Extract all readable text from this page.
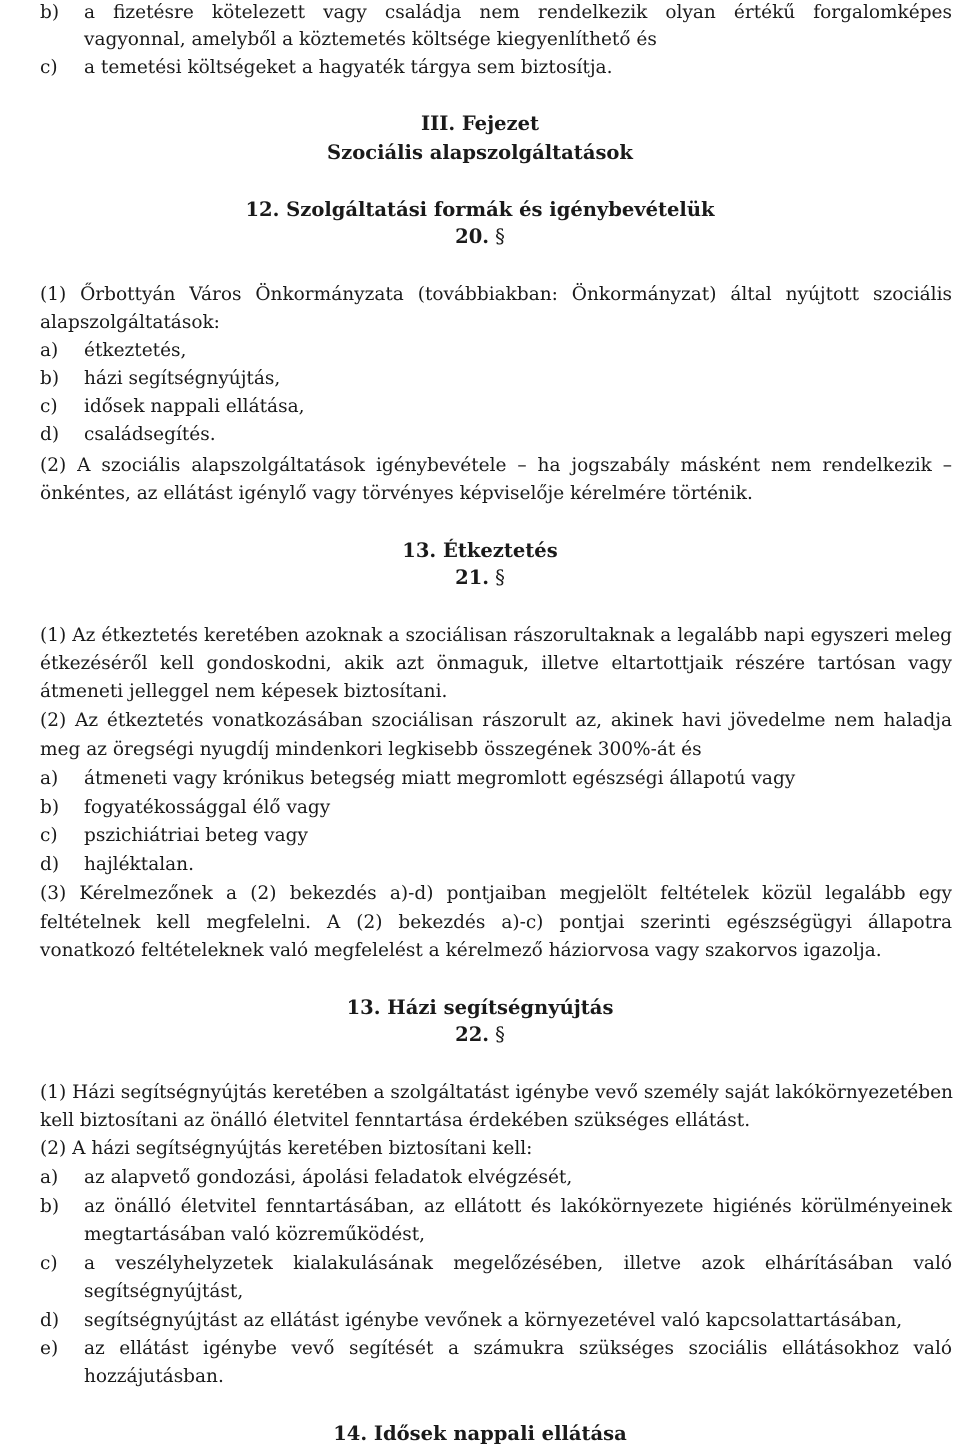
b) a fizetésre kötelezett vagy családja nem rendelkezik olyan értékű forgalomképes
vagyonnal, amelyből a köztemetés költsége kiegyenlíthető és
c) a temetési költségeket a hagyaték tárgya sem biztosítja.
III. Fejezet
Szociális alapszolgáltatások
12. Szolgáltatási formák és igénybevételük
20. §
(1) Őrbottyán Város Önkormányzata (továbbiakban: Önkormányzat) által nyújtott szociális
alapszolgáltatások:
a) étkeztetés,
b) házi segítségnyújtás,
c) idősek nappali ellátása,
d) családsegítés.
(2) A szociális alapszolgáltatások igénybevétele – ha jogszabály másként nem rendelkezik –
önkéntes, az ellátást igénylő vagy törvényes képviselője kérelmére történik.
13. Étkeztetés
21. §
(1) Az étkeztetés keretében azoknak a szociálisan rászorultaknak a legalább napi egyszeri meleg
étkezéséről kell gondoskodni, akik azt önmaguk, illetve eltartottjaik részére tartósan vagy
átmeneti jelleggel nem képesek biztosítani.
(2) Az étkeztetés vonatkozásában szociálisan rászorult az, akinek havi jövedelme nem haladja
meg az öregségi nyugdíj mindenkori legkisebb összegének 300%-át és
a) átmeneti vagy krónikus betegség miatt megromlott egészségi állapotú vagy
b) fogyatékossággal élő vagy
c) pszichiátriai beteg vagy
d) hajléktalan.
(3) Kérelmezőnek a (2) bekezdés a)-d) pontjaiban megjelölt feltételek közül legalább egy
feltételnek kell megfelelni. A (2) bekezdés a)-c) pontjai szerinti egészségügyi állapotra
vonatkozó feltételeknek való megfelelést a kérelmező háziorvosa vagy szakorvos igazolja.
13. Házi segítségnyújtás
22. §
(1) Házi segítségnyújtás keretében a szolgáltatást igénybe vevő személy saját lakókörnyezetében
kell biztosítani az önálló életvitel fenntartása érdekében szükséges ellátást.
(2) A házi segítségnyújtás keretében biztosítani kell:
a) az alapvető gondozási, ápolási feladatok elvégzését,
b) az önálló életvitel fenntartásában, az ellátott és lakókörnyezete higiénés körülményeinek
megtartásában való közreműködést,
c) a veszélyhelyzetek kialakulásának megelőzésében, illetve azok elhárításában való
segítségnyújtást,
d) segítségnyújtást az ellátást igénybe vevőnek a környezetével való kapcsolattartásában,
e) az ellátást igénybe vevő segítését a számukra szükséges szociális ellátásokhoz való
hozzájutásban.
14. Idősek nappali ellátása
